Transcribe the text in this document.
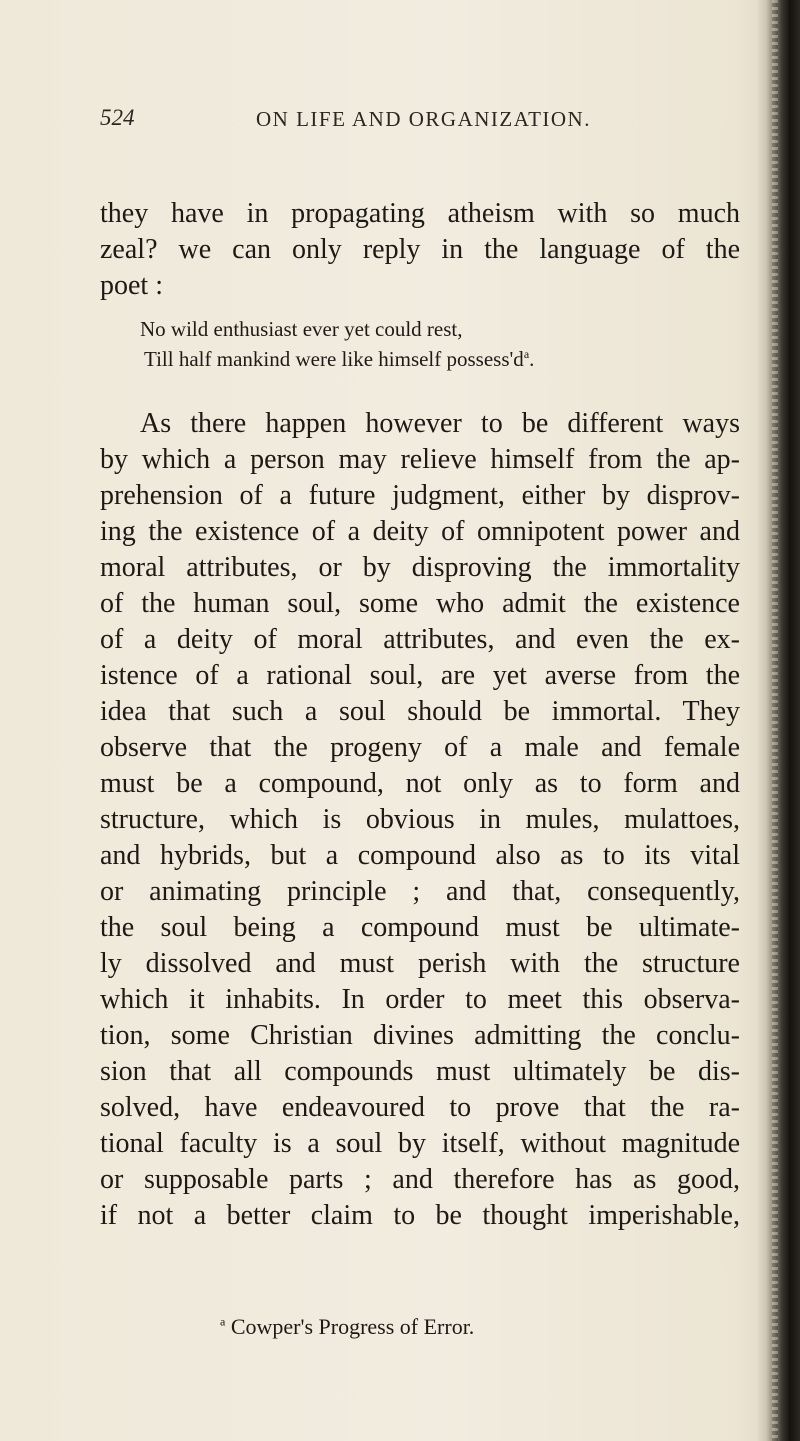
524	ON LIFE AND ORGANIZATION.
they have in propagating atheism with so much
zeal? we can only reply in the language of the
poet :
No wild enthusiast ever yet could rest,
Till half mankind were like himself $possess'd^a$.
As there happen however to be different ways
by which a person may relieve himself from the ap-
prehension of a future judgment, either by disprov-
ing the existence of a deity of omnipotent power and
moral attributes, or by disproving the immortality
of the human soul, some who admit the existence
of a deity of moral attributes, and even the ex-
istence of a rational soul, are yet averse from the
idea that such a soul should be immortal. They
observe that the progeny of a male and female
must be a compound, not only as to form and
structure, which is obvious in mules, mulattoes,
and hybrids, but a compound also as to its vital
or animating principle ; and that, consequently,
the soul being a compound must be ultimate-
ly dissolved and must perish with the structure
which it inhabits. In order to meet this observa-
tion, some Christian divines admitting the conclu-
sion that all compounds must ultimately be dis-
solved, have endeavoured to prove that the ra-
tional faculty is a soul by itself, without magnitude
or supposable parts ; and therefore has as good,
if not a better claim to be thought imperishable,
$^a$ Cowper's Progress of Error.
